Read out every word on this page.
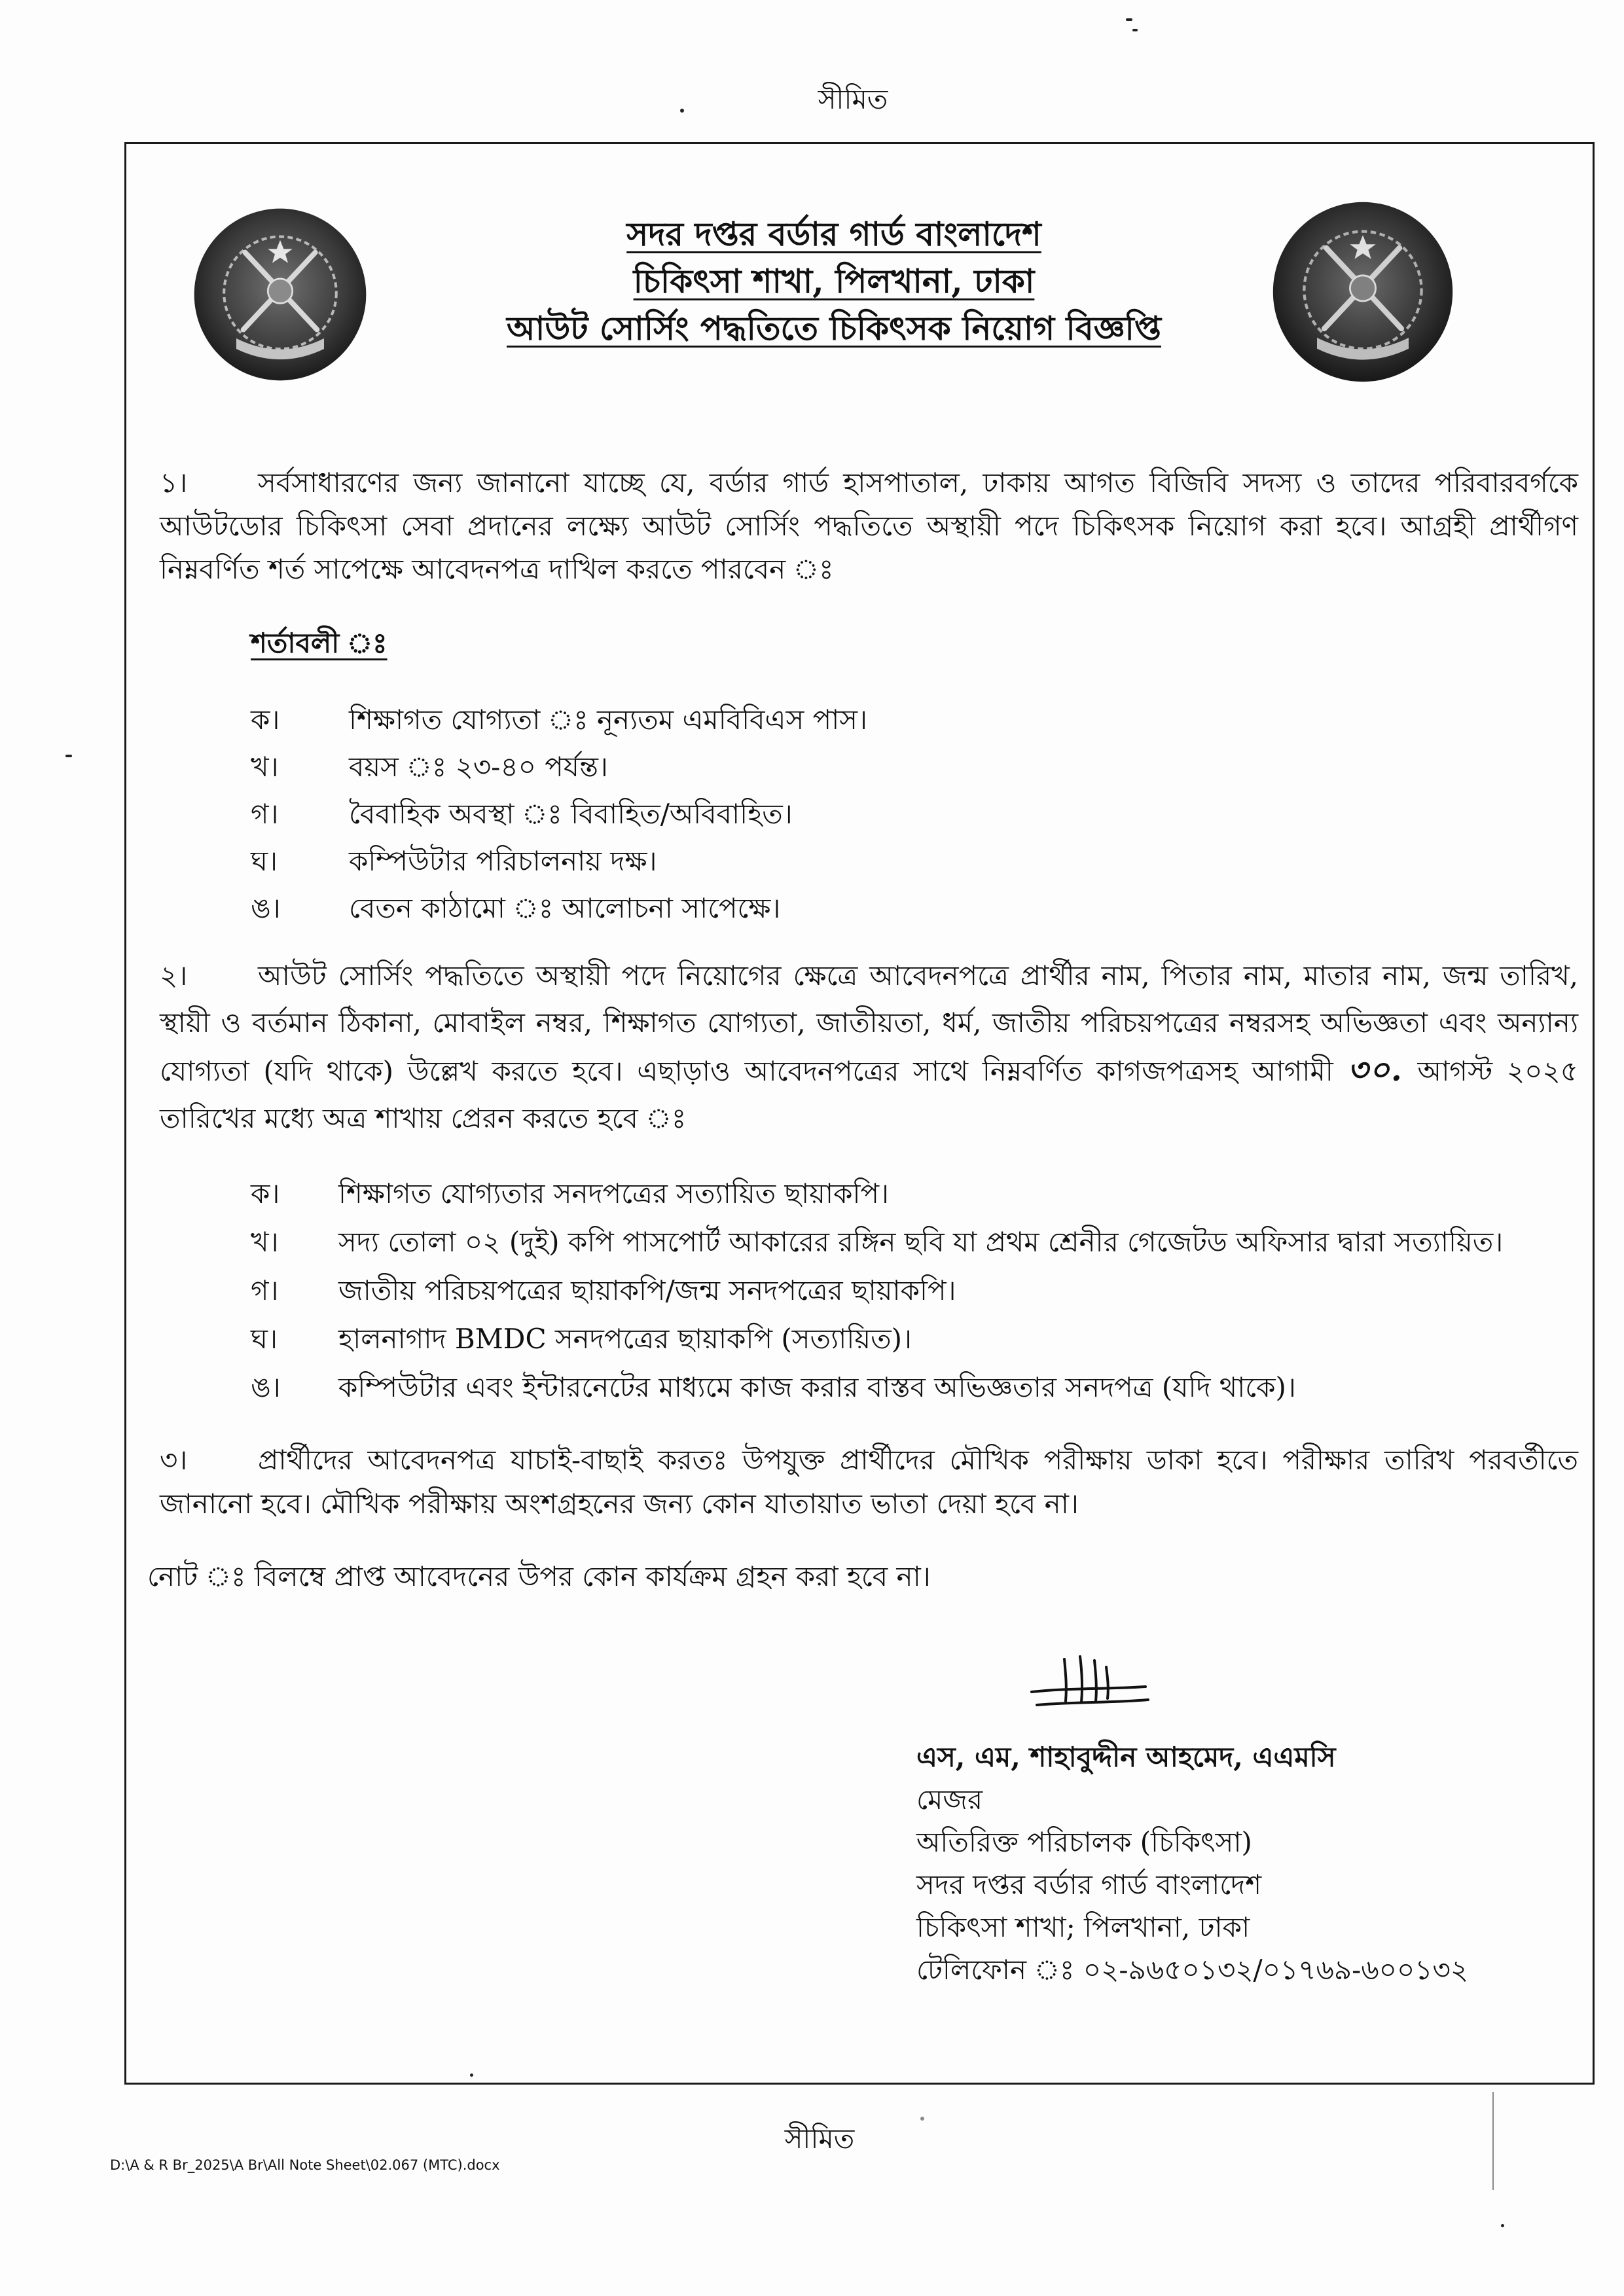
সীমিত
সদর দপ্তর বর্ডার গার্ড বাংলাদেশ
চিকিৎসা শাখা, পিলখানা, ঢাকা
আউট সোর্সিং পদ্ধতিতে চিকিৎসক নিয়োগ বিজ্ঞপ্তি

১।	সর্বসাধারণের জন্য জানানো যাচ্ছে যে, বর্ডার গার্ড হাসপাতাল, ঢাকায় আগত বিজিবি সদস্য ও তাদের পরিবারবর্গকে আউটডোর চিকিৎসা সেবা প্রদানের লক্ষ্যে আউট সোর্সিং পদ্ধতিতে অস্থায়ী পদে চিকিৎসক নিয়োগ করা হবে। আগ্রহী প্রার্থীগণ নিম্নবর্ণিত শর্ত সাপেক্ষে আবেদনপত্র দাখিল করতে পারবেন ঃ

শর্তাবলী ঃ
ক।	শিক্ষাগত যোগ্যতা ঃ নূন্যতম এমবিবিএস পাস।
খ।	বয়স ঃ ২৩-৪০ পর্যন্ত।
গ।	বৈবাহিক অবস্থা ঃ বিবাহিত/অবিবাহিত।
ঘ।	কম্পিউটার পরিচালনায় দক্ষ।
ঙ।	বেতন কাঠামো ঃ আলোচনা সাপেক্ষে।

২।	আউট সোর্সিং পদ্ধতিতে অস্থায়ী পদে নিয়োগের ক্ষেত্রে আবেদনপত্রে প্রার্থীর নাম, পিতার নাম, মাতার নাম, জন্ম তারিখ, স্থায়ী ও বর্তমান ঠিকানা, মোবাইল নম্বর, শিক্ষাগত যোগ্যতা, জাতীয়তা, ধর্ম, জাতীয় পরিচয়পত্রের নম্বরসহ অভিজ্ঞতা এবং অন্যান্য যোগ্যতা (যদি থাকে) উল্লেখ করতে হবে। এছাড়াও আবেদনপত্রের সাথে নিম্নবর্ণিত কাগজপত্রসহ আগামী ৩০. আগস্ট ২০২৫ তারিখের মধ্যে অত্র শাখায় প্রেরন করতে হবে ঃ

ক।	শিক্ষাগত যোগ্যতার সনদপত্রের সত্যায়িত ছায়াকপি।
খ।	সদ্য তোলা ০২ (দুই) কপি পাসপোর্ট আকারের রঙ্গিন ছবি যা প্রথম শ্রেনীর গেজেটড অফিসার দ্বারা সত্যায়িত।
গ।	জাতীয় পরিচয়পত্রের ছায়াকপি/জন্ম সনদপত্রের ছায়াকপি।
ঘ।	হালনাগাদ BMDC সনদপত্রের ছায়াকপি (সত্যায়িত)।
ঙ।	কম্পিউটার এবং ইন্টারনেটের মাধ্যমে কাজ করার বাস্তব অভিজ্ঞতার সনদপত্র (যদি থাকে)।

৩।	প্রার্থীদের আবেদনপত্র যাচাই-বাছাই করতঃ উপযুক্ত প্রার্থীদের মৌখিক পরীক্ষায় ডাকা হবে। পরীক্ষার তারিখ পরবর্তীতে জানানো হবে। মৌখিক পরীক্ষায় অংশগ্রহনের জন্য কোন যাতায়াত ভাতা দেয়া হবে না।

নোট ঃ বিলম্বে প্রাপ্ত আবেদনের উপর কোন কার্যক্রম গ্রহন করা হবে না।
এস, এম, শাহাবুদ্দীন আহমেদ, এএমসি
মেজর
অতিরিক্ত পরিচালক (চিকিৎসা)
সদর দপ্তর বর্ডার গার্ড বাংলাদেশ
চিকিৎসা শাখা; পিলখানা, ঢাকা
টেলিফোন ঃ ০২-৯৬৫০১৩২/০১৭৬৯-৬০০১৩২
সীমিত
D:\A & R Br_2025\A Br\All Note Sheet\02.067 (MTC).docx
